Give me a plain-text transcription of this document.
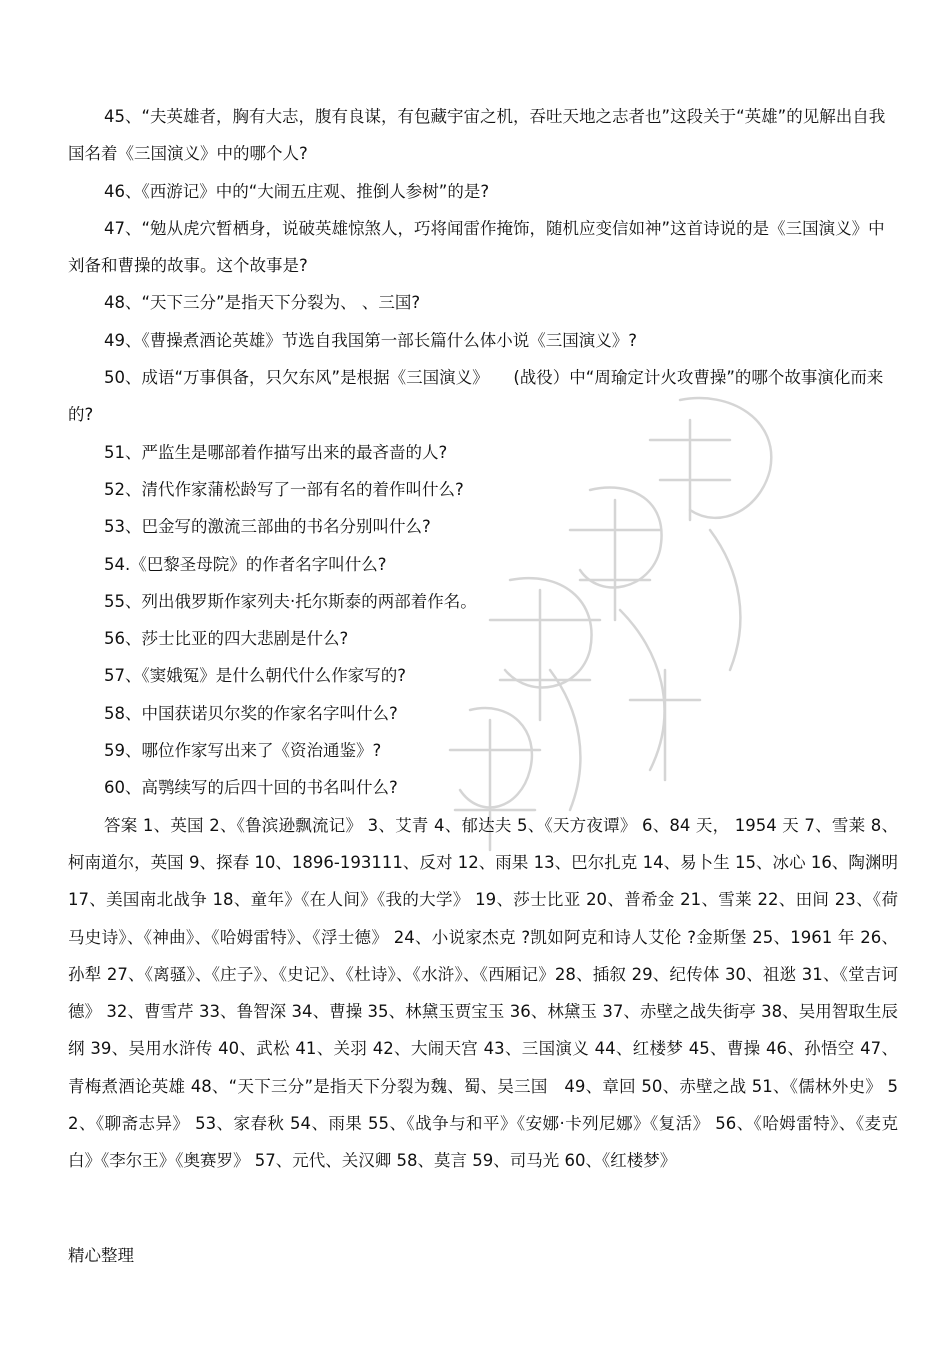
45、“夫英雄者，胸有大志，腹有良谋，有包藏宇宙之机，吞吐天地之志者也”这段关于“英雄”的见解出自我国名着《三国演义》中的哪个人?

46、《西游记》中的“大闹五庄观、推倒人参树”的是?

47、“勉从虎穴暂栖身，说破英雄惊煞人，巧将闻雷作掩饰，随机应变信如神”这首诗说的是《三国演义》中刘备和曹操的故事。这个故事是?

48、“天下三分”是指天下分裂为、 、三国?

49、《曹操煮酒论英雄》节选自我国第一部长篇什么体小说《三国演义》?

50、成语“万事俱备，只欠东风”是根据《三国演义》　　(战役）中“周瑜定计火攻曹操”的哪个故事演化而来的?

51、严监生是哪部着作描写出来的最吝啬的人?

52、清代作家蒲松龄写了一部有名的着作叫什么?

53、巴金写的激流三部曲的书名分别叫什么?

54.《巴黎圣母院》的作者名字叫什么?

55、列出俄罗斯作家列夫·托尔斯泰的两部着作名。

56、莎士比亚的四大悲剧是什么?

57、《窦娥冤》是什么朝代什么作家写的?

58、中国获诺贝尔奖的作家名字叫什么?

59、哪位作家写出来了《资治通鉴》?

60、高鹗续写的后四十回的书名叫什么?

答案 1、英国 2、《鲁滨逊飘流记》 3、艾青 4、郁达夫 5、《天方夜谭》 6、84 天， 1954 天 7、雪莱 8、柯南道尔，英国 9、探春 10、1896-193111、反对 12、雨果 13、巴尔扎克 14、易卜生 15、冰心 16、陶渊明 17、美国南北战争 18、童年》《在人间》《我的大学》 19、莎士比亚 20、普希金 21、雪莱 22、田间 23、《荷马史诗》、《神曲》、《哈姆雷特》、《浮士德》 24、小说家杰克 ?凯如阿克和诗人艾伦 ?金斯堡 25、1961 年 26、孙犁 27、《离骚》、《庄子》、《史记》、《杜诗》、《水浒》、《西厢记》28、插叙 29、纪传体 30、祖逖 31、《堂吉诃德》 32、曹雪芹 33、鲁智深 34、曹操 35、林黛玉贾宝玉 36、林黛玉 37、赤壁之战失街亭 38、吴用智取生辰纲 39、吴用水浒传 40、武松 41、关羽 42、大闹天宫 43、三国演义 44、红楼梦 45、曹操 46、孙悟空 47、青梅煮酒论英雄 48、“天下三分”是指天下分裂为魏、蜀、吴三国　49、章回 50、赤壁之战 51、《儒林外史》 52、《聊斋志异》 53、家春秋 54、雨果 55、《战争与和平》《安娜·卡列尼娜》《复活》 56、《哈姆雷特》、《麦克白》《李尔王》《奥赛罗》 57、元代、关汉卿 58、莫言 59、司马光 60、《红楼梦》

精心整理
